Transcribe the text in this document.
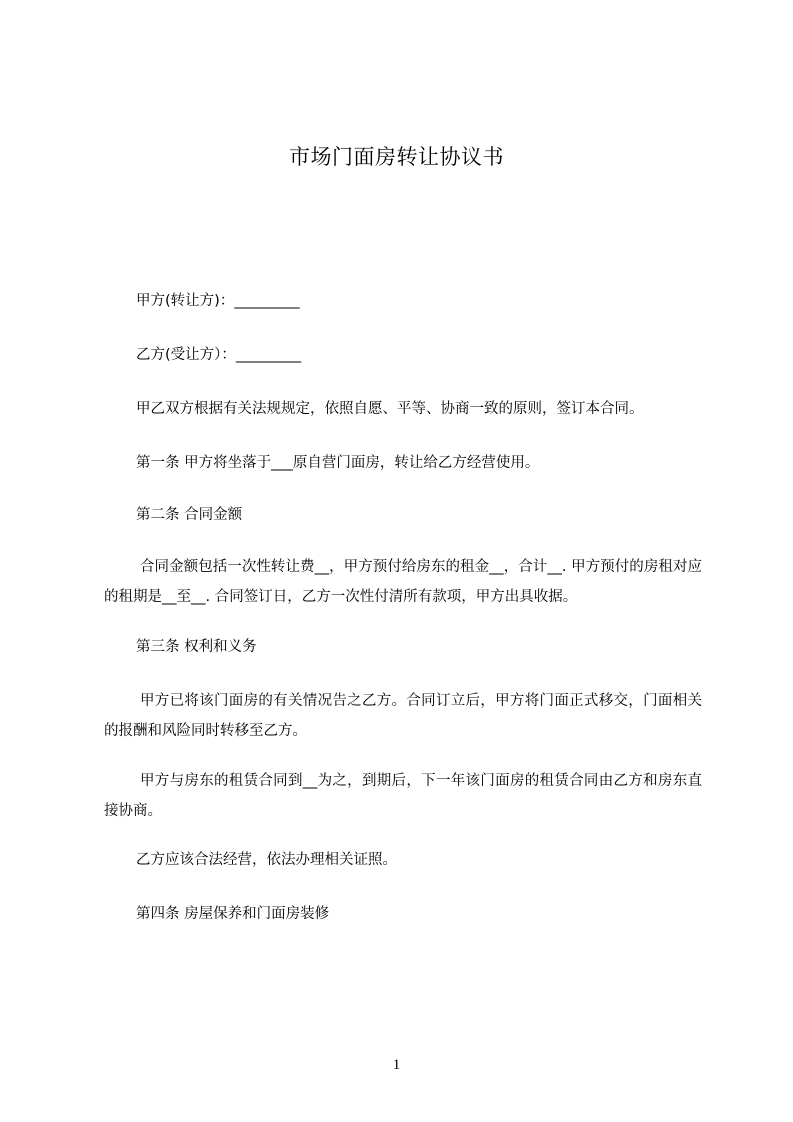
市场门面房转让协议书
甲方(转让方)：_________
乙方(受让方）：_________
甲乙双方根据有关法规规定，依照自愿、平等、协商一致的原则，签订本合同。
第一条 甲方将坐落于___原自营门面房，转让给乙方经营使用。
第二条 合同金额
合同金额包括一次性转让费__，甲方预付给房东的租金__，合计__. 甲方预付的房租对应的租期是__至__. 合同签订日，乙方一次性付清所有款项，甲方出具收据。
第三条 权利和义务
甲方已将该门面房的有关情况告之乙方。合同订立后，甲方将门面正式移交，门面相关的报酬和风险同时转移至乙方。
甲方与房东的租赁合同到__为之，到期后，下一年该门面房的租赁合同由乙方和房东直接协商。
乙方应该合法经营，依法办理相关证照。
第四条 房屋保养和门面房装修
1
